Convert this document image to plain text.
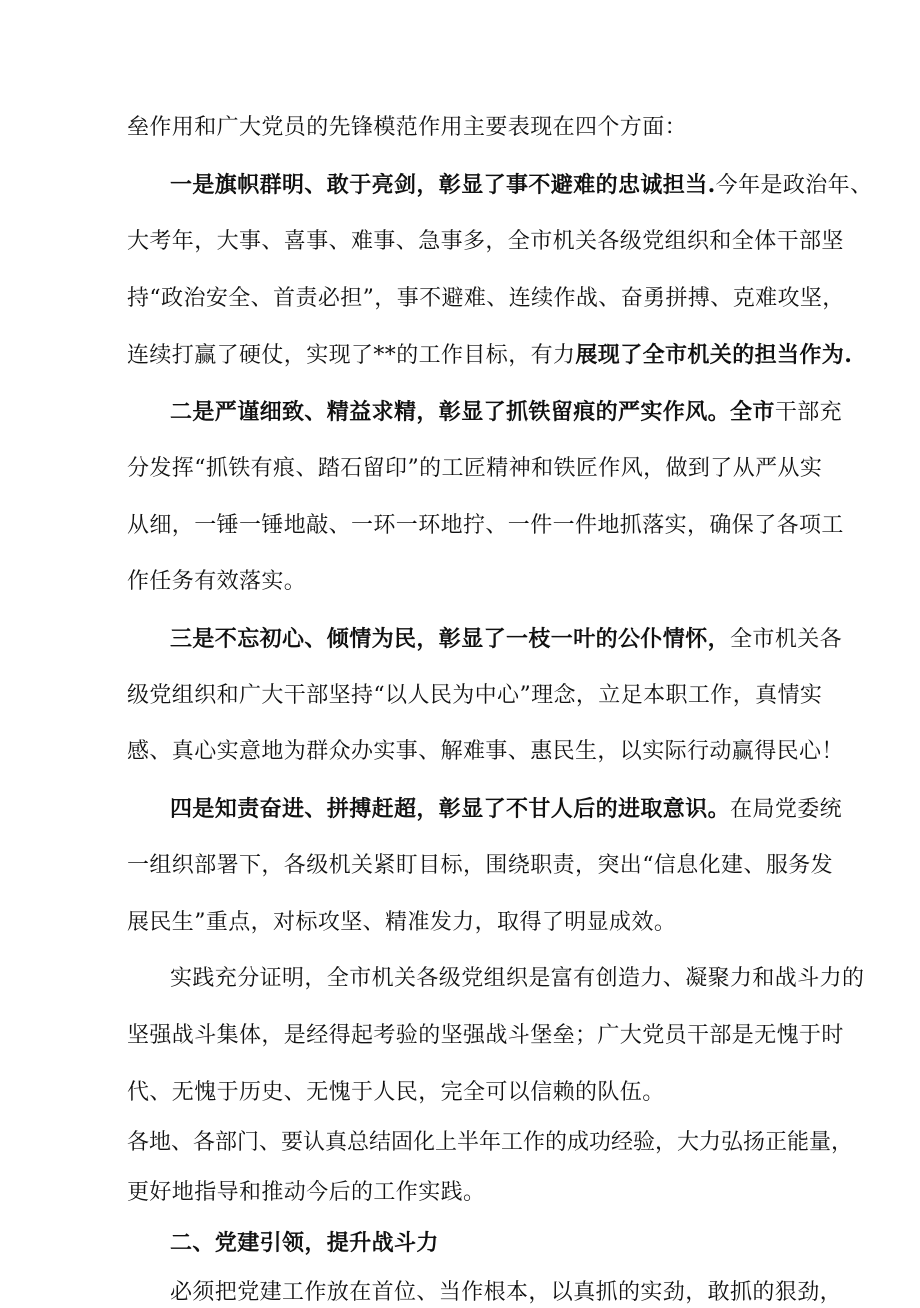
垒作用和广大党员的先锋模范作用主要表现在四个方面：
一是旗帜群明、敢于亮剑，彰显了事不避难的忠诚担当.今年是政治年、
大考年，大事、喜事、难事、急事多，全市机关各级党组织和全体干部坚
持“政治安全、首责必担”，事不避难、连续作战、奋勇拼搏、克难攻坚，
连续打赢了硬仗，实现了**的工作目标，有力展现了全市机关的担当作为.
二是严谨细致、精益求精，彰显了抓铁留痕的严实作风。全市干部充
分发挥“抓铁有痕、踏石留印”的工匠精神和铁匠作风，做到了从严从实
从细，一锤一锤地敲、一环一环地拧、一件一件地抓落实，确保了各项工
作任务有效落实。
三是不忘初心、倾情为民，彰显了一枝一叶的公仆情怀，全市机关各
级党组织和广大干部坚持“以人民为中心”理念，立足本职工作，真情实
感、真心实意地为群众办实事、解难事、惠民生，以实际行动赢得民心！
四是知责奋进、拼搏赶超，彰显了不甘人后的进取意识。在局党委统
一组织部署下，各级机关紧盯目标，围绕职责，突出“信息化建、服务发
展民生”重点，对标攻坚、精准发力，取得了明显成效。
实践充分证明，全市机关各级党组织是富有创造力、凝聚力和战斗力的
坚强战斗集体，是经得起考验的坚强战斗堡垒；广大党员干部是无愧于时
代、无愧于历史、无愧于人民，完全可以信赖的队伍。
各地、各部门、要认真总结固化上半年工作的成功经验，大力弘扬正能量，
更好地指导和推动今后的工作实践。
二、党建引领，提升战斗力
必须把党建工作放在首位、当作根本，以真抓的实劲，敢抓的狠劲，
